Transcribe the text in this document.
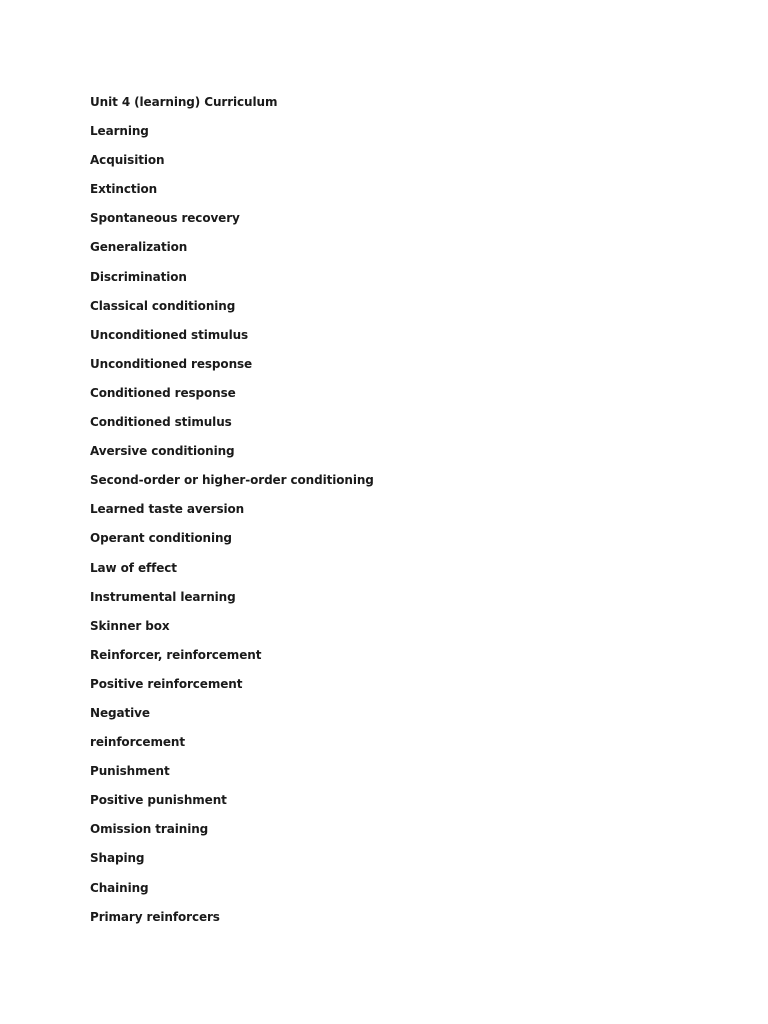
Unit 4 (learning) Curriculum
Learning
Acquisition
Extinction
Spontaneous recovery
Generalization
Discrimination
Classical conditioning
Unconditioned stimulus
Unconditioned response
Conditioned response
Conditioned stimulus
Aversive conditioning
Second-order or higher-order conditioning
Learned taste aversion
Operant conditioning
Law of effect
Instrumental learning
Skinner box
Reinforcer, reinforcement
Positive reinforcement
Negative
reinforcement
Punishment
Positive punishment
Omission training
Shaping
Chaining
Primary reinforcers
